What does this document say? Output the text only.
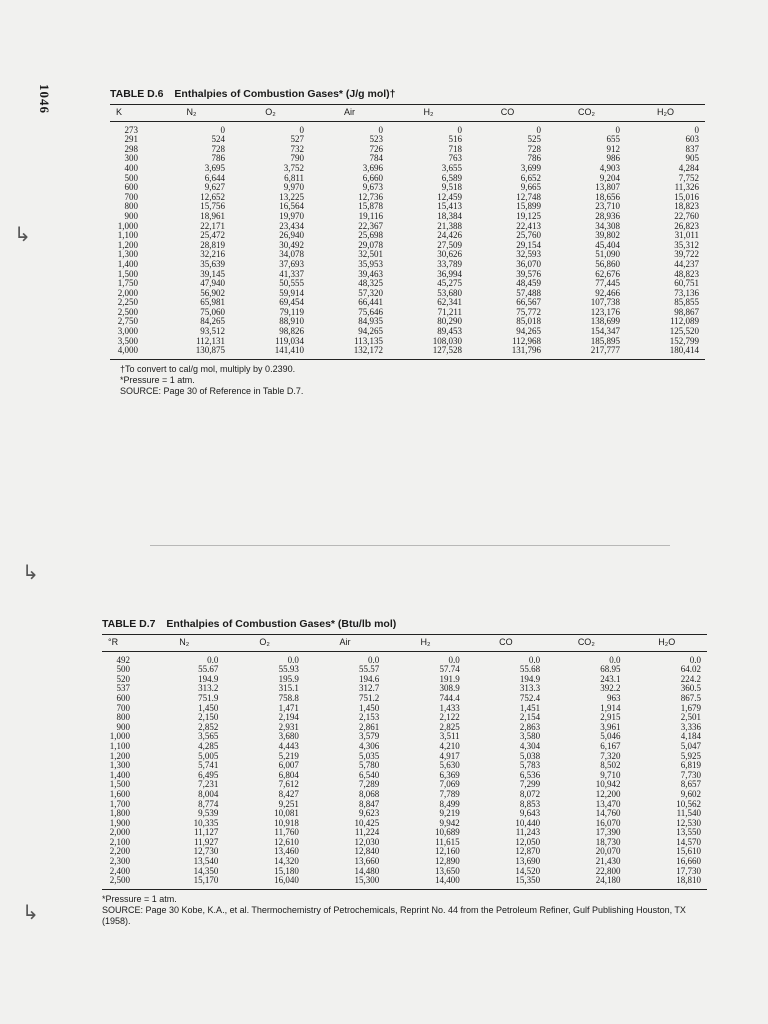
1046
↳
↳
↳
TABLE D.6 Enthalpies of Combustion Gases* (J/g mol)†
K	N₂	O₂	Air	H₂	CO	CO₂	H₂O
273	0	0	0	0	0	0	0
291	524	527	523	516	525	655	603
298	728	732	726	718	728	912	837
300	786	790	784	763	786	986	905
400	3,695	3,752	3,696	3,655	3,699	4,903	4,284
500	6,644	6,811	6,660	6,589	6,652	9,204	7,752
600	9,627	9,970	9,673	9,518	9,665	13,807	11,326
700	12,652	13,225	12,736	12,459	12,748	18,656	15,016
800	15,756	16,564	15,878	15,413	15,899	23,710	18,823
900	18,961	19,970	19,116	18,384	19,125	28,936	22,760
1,000	22,171	23,434	22,367	21,388	22,413	34,308	26,823
1,100	25,472	26,940	25,698	24,426	25,760	39,802	31,011
1,200	28,819	30,492	29,078	27,509	29,154	45,404	35,312
1,300	32,216	34,078	32,501	30,626	32,593	51,090	39,722
1,400	35,639	37,693	35,953	33,789	36,070	56,860	44,237
1,500	39,145	41,337	39,463	36,994	39,576	62,676	48,823
1,750	47,940	50,555	48,325	45,275	48,459	77,445	60,751
2,000	56,902	59,914	57,320	53,680	57,488	92,466	73,136
2,250	65,981	69,454	66,441	62,341	66,567	107,738	85,855
2,500	75,060	79,119	75,646	71,211	75,772	123,176	98,867
2,750	84,265	88,910	84,935	80,290	85,018	138,699	112,089
3,000	93,512	98,826	94,265	89,453	94,265	154,347	125,520
3,500	112,131	119,034	113,135	108,030	112,968	185,895	152,799
4,000	130,875	141,410	132,172	127,528	131,796	217,777	180,414
†To convert to cal/g mol, multiply by 0.2390.
*Pressure = 1 atm.
SOURCE: Page 30 of Reference in Table D.7.
TABLE D.7 Enthalpies of Combustion Gases* (Btu/lb mol)
°R	N₂	O₂	Air	H₂	CO	CO₂	H₂O
492	0.0	0.0	0.0	0.0	0.0	0.0	0.0
500	55.67	55.93	55.57	57.74	55.68	68.95	64.02
520	194.9	195.9	194.6	191.9	194.9	243.1	224.2
537	313.2	315.1	312.7	308.9	313.3	392.2	360.5
600	751.9	758.8	751.2	744.4	752.4	963	867.5
700	1,450	1,471	1,450	1,433	1,451	1,914	1,679
800	2,150	2,194	2,153	2,122	2,154	2,915	2,501
900	2,852	2,931	2,861	2,825	2,863	3,961	3,336
1,000	3,565	3,680	3,579	3,511	3,580	5,046	4,184
1,100	4,285	4,443	4,306	4,210	4,304	6,167	5,047
1,200	5,005	5,219	5,035	4,917	5,038	7,320	5,925
1,300	5,741	6,007	5,780	5,630	5,783	8,502	6,819
1,400	6,495	6,804	6,540	6,369	6,536	9,710	7,730
1,500	7,231	7,612	7,289	7,069	7,299	10,942	8,657
1,600	8,004	8,427	8,068	7,789	8,072	12,200	9,602
1,700	8,774	9,251	8,847	8,499	8,853	13,470	10,562
1,800	9,539	10,081	9,623	9,219	9,643	14,760	11,540
1,900	10,335	10,918	10,425	9,942	10,440	16,070	12,530
2,000	11,127	11,760	11,224	10,689	11,243	17,390	13,550
2,100	11,927	12,610	12,030	11,615	12,050	18,730	14,570
2,200	12,730	13,460	12,840	12,160	12,870	20,070	15,610
2,300	13,540	14,320	13,660	12,890	13,690	21,430	16,660
2,400	14,350	15,180	14,480	13,650	14,520	22,800	17,730
2,500	15,170	16,040	15,300	14,400	15,350	24,180	18,810
*Pressure = 1 atm.
SOURCE: Page 30 Kobe, K.A., et al. Thermochemistry of Petrochemicals, Reprint No. 44 from the Petroleum Refiner, Gulf Publishing Houston, TX (1958).
